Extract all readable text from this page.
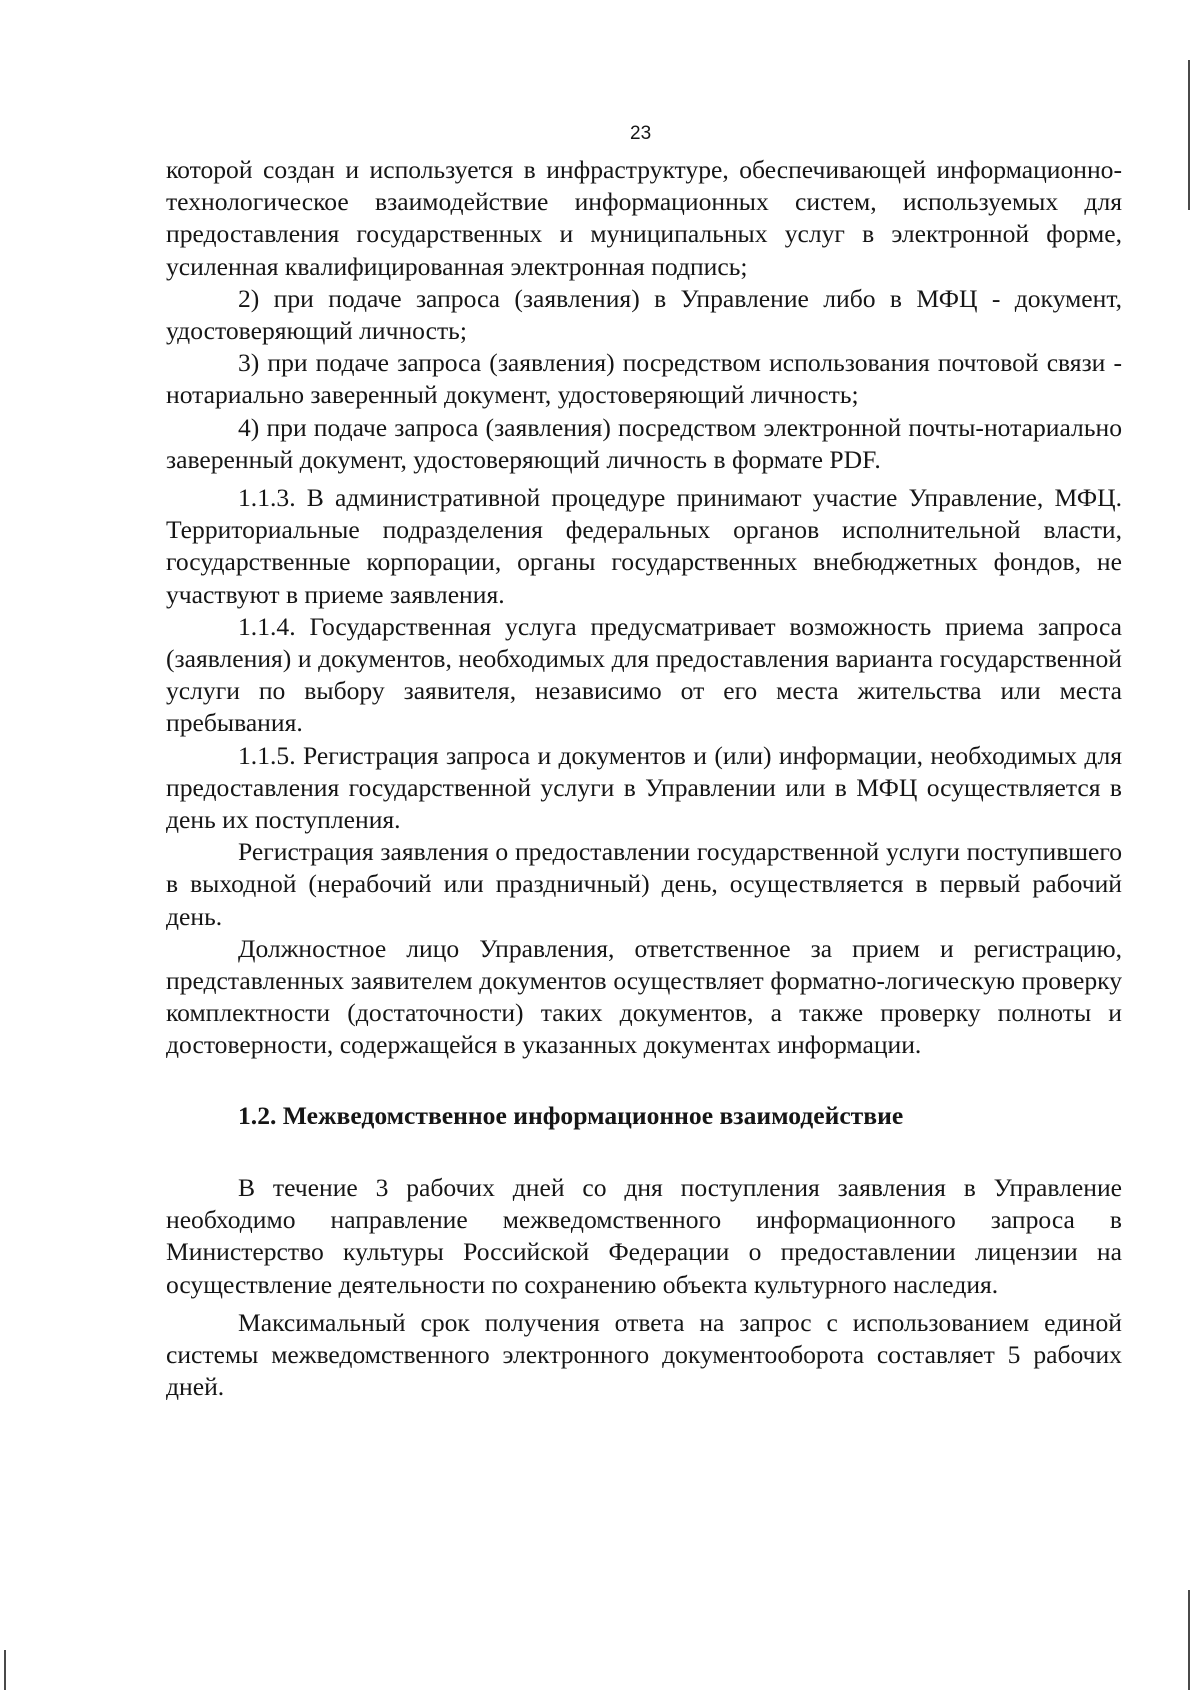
23

которой создан и используется в инфраструктуре, обеспечивающей информационно-технологическое взаимодействие информационных систем, используемых для предоставления государственных и муниципальных услуг в электронной форме, усиленная квалифицированная электронная подпись;

2) при подаче запроса (заявления) в Управление либо в МФЦ - документ, удостоверяющий личность;

3) при подаче запроса (заявления) посредством использования почтовой связи - нотариально заверенный документ, удостоверяющий личность;

4) при подаче запроса (заявления) посредством электронной почты-нотариально заверенный документ, удостоверяющий личность в формате PDF.

1.1.3. В административной процедуре принимают участие Управление, МФЦ. Территориальные подразделения федеральных органов исполнительной власти, государственные корпорации, органы государственных внебюджетных фондов, не участвуют в приеме заявления.

1.1.4. Государственная услуга предусматривает возможность приема запроса (заявления) и документов, необходимых для предоставления варианта государственной услуги по выбору заявителя, независимо от его места жительства или места пребывания.

1.1.5. Регистрация запроса и документов и (или) информации, необходимых для предоставления государственной услуги в Управлении или в МФЦ осуществляется в день их поступления.

Регистрация заявления о предоставлении государственной услуги поступившего в выходной (нерабочий или праздничный) день, осуществляется в первый рабочий день.

Должностное лицо Управления, ответственное за прием и регистрацию, представленных заявителем документов осуществляет форматно-логическую проверку комплектности (достаточности) таких документов, а также проверку полноты и достоверности, содержащейся в указанных документах информации.

1.2. Межведомственное информационное взаимодействие

В течение 3 рабочих дней со дня поступления заявления в Управление необходимо направление межведомственного информационного запроса в Министерство культуры Российской Федерации о предоставлении лицензии на осуществление деятельности по сохранению объекта культурного наследия.

Максимальный срок получения ответа на запрос с использованием единой системы межведомственного электронного документооборота составляет 5 рабочих дней.
